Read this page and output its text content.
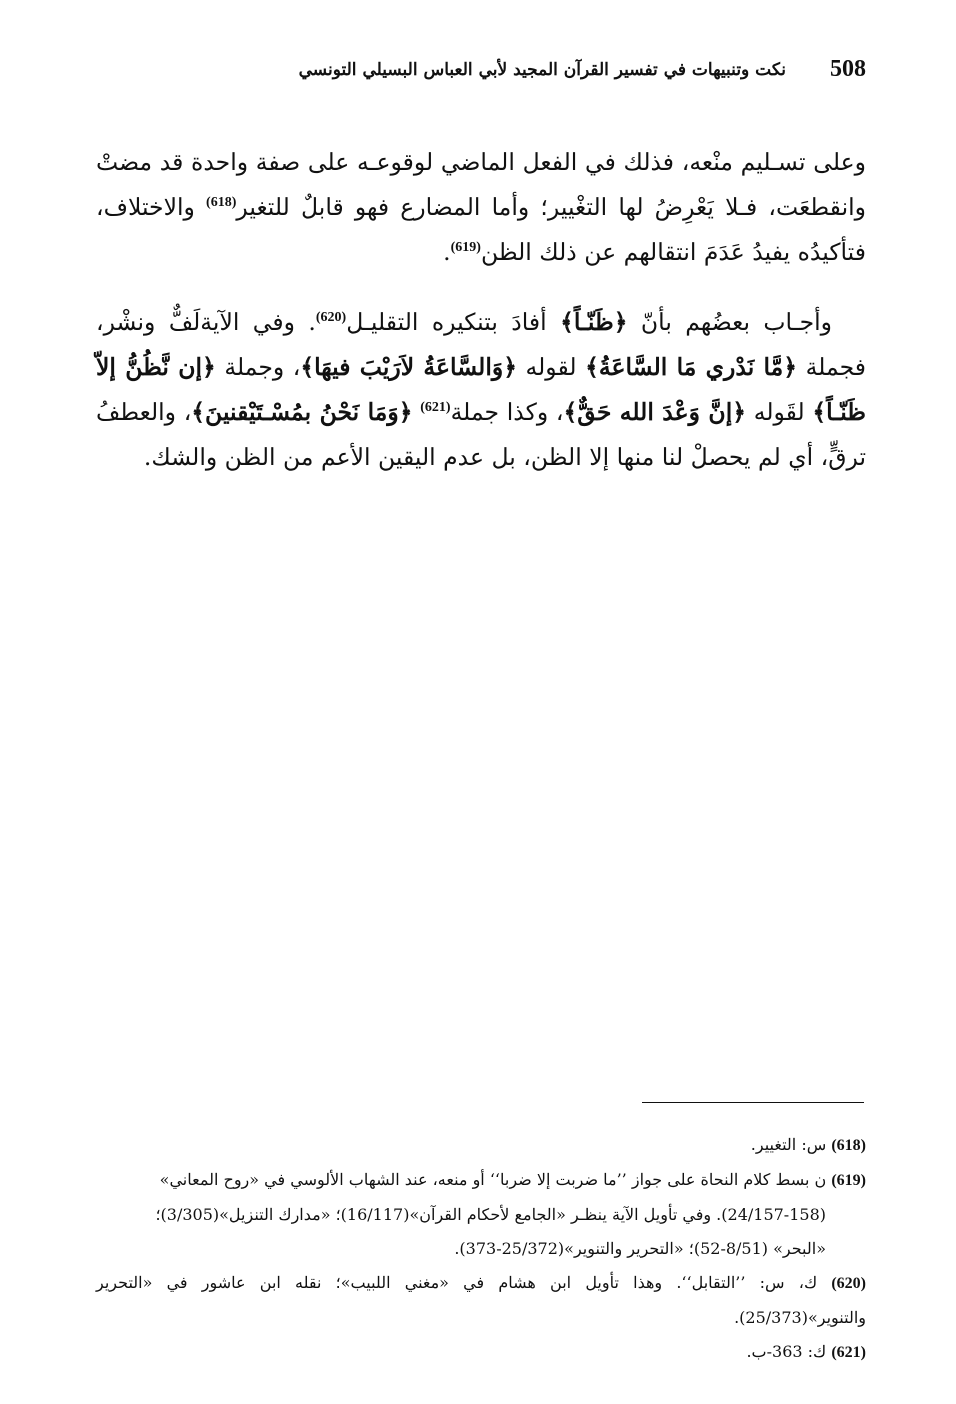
508
نكت وتنبيهات في تفسير القرآن المجيد لأبي العباس البسيلي التونسي

وعلى تسـليم منْعه، فذلك في الفعل الماضي لوقوعـه على صفة واحدة قد مضتْ وانقطعَت، فـلا يَعْرِضُ لها التغْيير؛ وأما المضارع فهو قابلٌ للتغير$^{(618)}$ والاختلاف، فتأكيدُه يفيدُ عَدَمَ انتقالهم عن ذلك الظن$^{(619)}$.

وأجـاب بعضُهم بأنّ ﴿ظَنّـاً﴾ أفادَ بتنكيره التقليـل$^{(620)}$. وفي الآيةلَفٌّ ونشْر، فجملة ﴿مَّا نَدْري مَا السَّاعَةُ﴾ لقوله ﴿وَالسَّاعَةُ لاَرَيْبَ فيهَا﴾، وجملة ﴿إن نَّظُنُّ إلاّ ظَنّـاً﴾ لقَوله ﴿إنَّ وَعْدَ الله حَقٌّ﴾، وكذا جملة$^{(621)}$ ﴿وَمَا نَحْنُ بمُسْـتَيْقنينَ﴾، والعطفُ ترقٍّ، أي لم يحصلْ لنا منها إلا الظن، بل عدم اليقين الأعم من الظن والشك.

(618) س: التغيير.

(619) ن بسط كلام النحاة على جواز ’’ما ضربت إلا ضربا‘‘ أو منعه، عند الشهاب الألوسي في «روح المعاني»

(24/157-158). وفي تأويل الآية ينظـر «الجامع لأحكام القرآن»(16/117)؛ «مدارك التنزيل»(3/305)؛

«البحر» (8/51-52)؛ «التحرير والتنوير»(25/372-373).

(620) ك، س: ’’التقابل‘‘. وهذا تأويل ابن هشام في «مغني اللبيب»؛ نقله ابن عاشور في «التحرير والتنوير»(25/373).

(621) ك: 363-ب.
